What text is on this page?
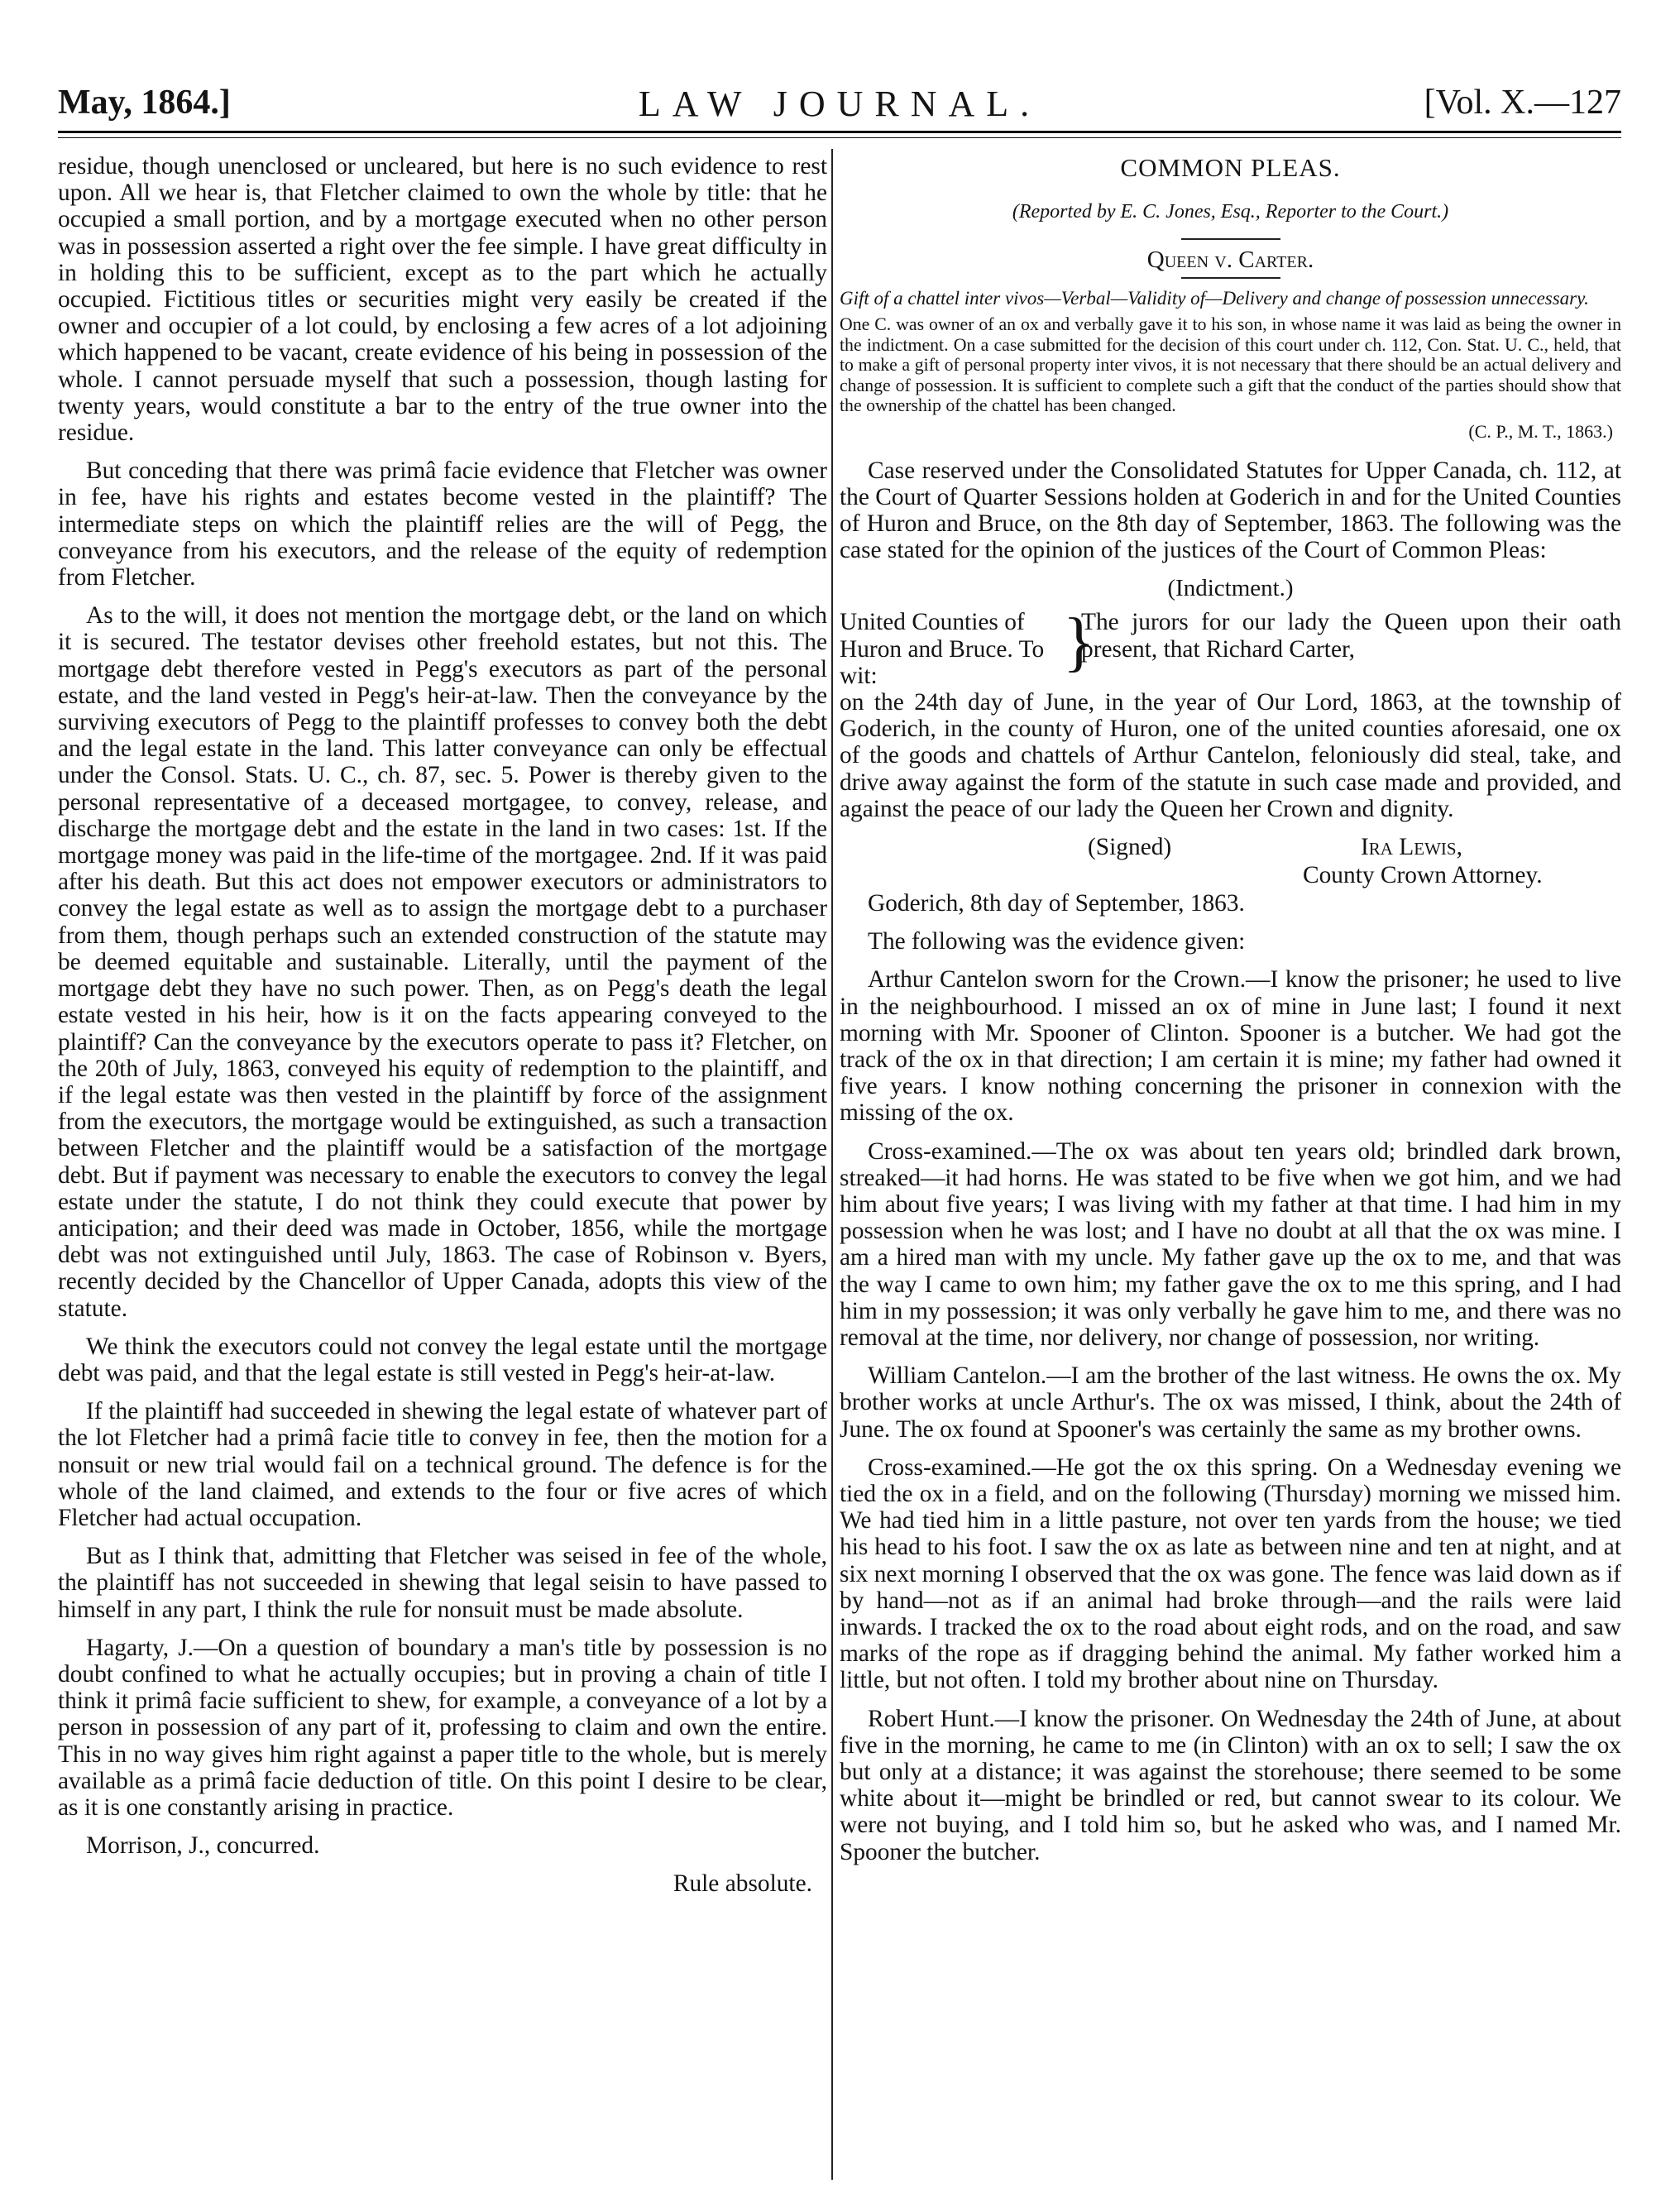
May, 1864.]	LAW JOURNAL.	[Vol. X.—127

residue, though unenclosed or uncleared, but here is no such evidence to rest upon. All we hear is, that Fletcher claimed to own the whole by title: that he occupied a small portion, and by a mortgage executed when no other person was in possession asserted a right over the fee simple. I have great difficulty in in holding this to be sufficient, except as to the part which he actually occupied. Fictitious titles or securities might very easily be created if the owner and occupier of a lot could, by enclosing a few acres of a lot adjoining which happened to be vacant, create evidence of his being in possession of the whole. I cannot persuade myself that such a possession, though lasting for twenty years, would constitute a bar to the entry of the true owner into the residue.

But conceding that there was primâ facie evidence that Fletcher was owner in fee, have his rights and estates become vested in the plaintiff? The intermediate steps on which the plaintiff relies are the will of Pegg, the conveyance from his executors, and the release of the equity of redemption from Fletcher.

As to the will, it does not mention the mortgage debt, or the land on which it is secured. The testator devises other freehold estates, but not this. The mortgage debt therefore vested in Pegg's executors as part of the personal estate, and the land vested in Pegg's heir-at-law. Then the conveyance by the surviving executors of Pegg to the plaintiff professes to convey both the debt and the legal estate in the land. This latter conveyance can only be effectual under the Consol. Stats. U. C., ch. 87, sec. 5. Power is thereby given to the personal representative of a deceased mortgagee, to convey, release, and discharge the mortgage debt and the estate in the land in two cases: 1st. If the mortgage money was paid in the life-time of the mortgagee. 2nd. If it was paid after his death. But this act does not empower executors or administrators to convey the legal estate as well as to assign the mortgage debt to a purchaser from them, though perhaps such an extended construction of the statute may be deemed equitable and sustainable. Literally, until the payment of the mortgage debt they have no such power. Then, as on Pegg's death the legal estate vested in his heir, how is it on the facts appearing conveyed to the plaintiff? Can the conveyance by the executors operate to pass it? Fletcher, on the 20th of July, 1863, conveyed his equity of redemption to the plaintiff, and if the legal estate was then vested in the plaintiff by force of the assignment from the executors, the mortgage would be extinguished, as such a transaction between Fletcher and the plaintiff would be a satisfaction of the mortgage debt. But if payment was necessary to enable the executors to convey the legal estate under the statute, I do not think they could execute that power by anticipation; and their deed was made in October, 1856, while the mortgage debt was not extinguished until July, 1863. The case of Robinson v. Byers, recently decided by the Chancellor of Upper Canada, adopts this view of the statute.

We think the executors could not convey the legal estate until the mortgage debt was paid, and that the legal estate is still vested in Pegg's heir-at-law.

If the plaintiff had succeeded in shewing the legal estate of whatever part of the lot Fletcher had a primâ facie title to convey in fee, then the motion for a nonsuit or new trial would fail on a technical ground. The defence is for the whole of the land claimed, and extends to the four or five acres of which Fletcher had actual occupation.

But as I think that, admitting that Fletcher was seised in fee of the whole, the plaintiff has not succeeded in shewing that legal seisin to have passed to himself in any part, I think the rule for nonsuit must be made absolute.

Hagarty, J.—On a question of boundary a man's title by possession is no doubt confined to what he actually occupies; but in proving a chain of title I think it primâ facie sufficient to shew, for example, a conveyance of a lot by a person in possession of any part of it, professing to claim and own the entire. This in no way gives him right against a paper title to the whole, but is merely available as a primâ facie deduction of title. On this point I desire to be clear, as it is one constantly arising in practice.

Morrison, J., concurred.

Rule absolute.

COMMON PLEAS.
(Reported by E. C. Jones, Esq., Reporter to the Court.)
Queen v. Carter.
Gift of a chattel inter vivos—Verbal—Validity of—Delivery and change of possession unnecessary.
One C. was owner of an ox and verbally gave it to his son, in whose name it was laid as being the owner in the indictment. On a case submitted for the decision of this court under ch. 112, Con. Stat. U. C., held, that to make a gift of personal property inter vivos, it is not necessary that there should be an actual delivery and change of possession. It is sufficient to complete such a gift that the conduct of the parties should show that the ownership of the chattel has been changed.
(C. P., M. T., 1863.)

Case reserved under the Consolidated Statutes for Upper Canada, ch. 112, at the Court of Quarter Sessions holden at Goderich in and for the United Counties of Huron and Bruce, on the 8th day of September, 1863. The following was the case stated for the opinion of the justices of the Court of Common Pleas:

(Indictment.)
United Counties of Huron and Bruce. To wit:	}
The jurors for our lady the Queen upon their oath present, that Richard Carter,

on the 24th day of June, in the year of Our Lord, 1863, at the township of Goderich, in the county of Huron, one of the united counties aforesaid, one ox of the goods and chattels of Arthur Cantelon, feloniously did steal, take, and drive away against the form of the statute in such case made and provided, and against the peace of our lady the Queen her Crown and dignity.

(Signed)	Ira Lewis,
County Crown Attorney.

Goderich, 8th day of September, 1863.

The following was the evidence given:

Arthur Cantelon sworn for the Crown.—I know the prisoner; he used to live in the neighbourhood. I missed an ox of mine in June last; I found it next morning with Mr. Spooner of Clinton. Spooner is a butcher. We had got the track of the ox in that direction; I am certain it is mine; my father had owned it five years. I know nothing concerning the prisoner in connexion with the missing of the ox.

Cross-examined.—The ox was about ten years old; brindled dark brown, streaked—it had horns. He was stated to be five when we got him, and we had him about five years; I was living with my father at that time. I had him in my possession when he was lost; and I have no doubt at all that the ox was mine. I am a hired man with my uncle. My father gave up the ox to me, and that was the way I came to own him; my father gave the ox to me this spring, and I had him in my possession; it was only verbally he gave him to me, and there was no removal at the time, nor delivery, nor change of possession, nor writing.

William Cantelon.—I am the brother of the last witness. He owns the ox. My brother works at uncle Arthur's. The ox was missed, I think, about the 24th of June. The ox found at Spooner's was certainly the same as my brother owns.

Cross-examined.—He got the ox this spring. On a Wednesday evening we tied the ox in a field, and on the following (Thursday) morning we missed him. We had tied him in a little pasture, not over ten yards from the house; we tied his head to his foot. I saw the ox as late as between nine and ten at night, and at six next morning I observed that the ox was gone. The fence was laid down as if by hand—not as if an animal had broke through—and the rails were laid inwards. I tracked the ox to the road about eight rods, and on the road, and saw marks of the rope as if dragging behind the animal. My father worked him a little, but not often. I told my brother about nine on Thursday.

Robert Hunt.—I know the prisoner. On Wednesday the 24th of June, at about five in the morning, he came to me (in Clinton) with an ox to sell; I saw the ox but only at a distance; it was against the storehouse; there seemed to be some white about it—might be brindled or red, but cannot swear to its colour. We were not buying, and I told him so, but he asked who was, and I named Mr. Spooner the butcher.
